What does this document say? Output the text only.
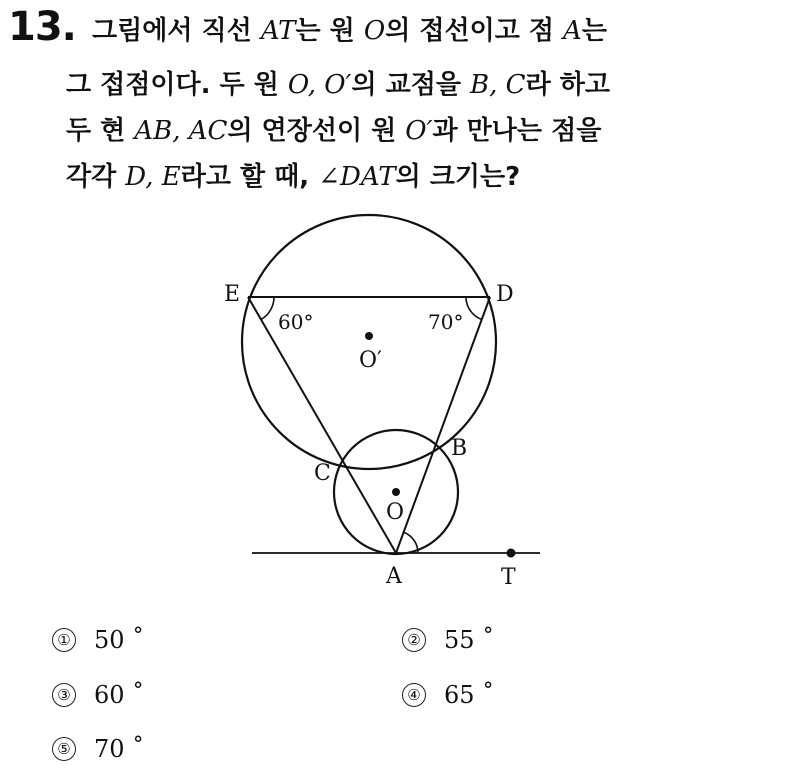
13. 그림에서 직선 AT는 원 O의 접선이고 점 A는
그 접점이다. 두 원 O, O′의 교점을 B, C라 하고
두 현 AB, AC의 연장선이 원 O′과 만나는 점을
각각 D, E라고 할 때, ∠DAT의 크기는?
E	D
60°	70°
O′
B
C
O
A	T
① 50 ˚	② 55 ˚
③ 60 ˚	④ 65 ˚
⑤ 70 ˚
